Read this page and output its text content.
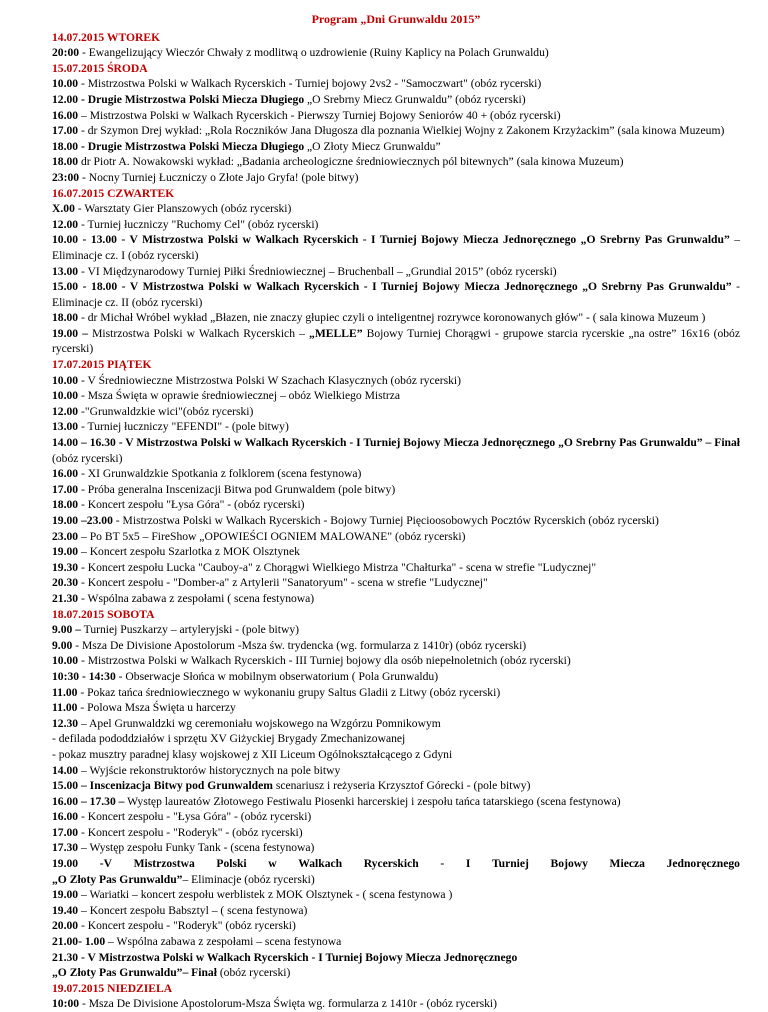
Program „Dni Grunwaldu 2015”
14.07.2015 WTOREK
20:00 - Ewangelizujący Wieczór Chwały z modlitwą o uzdrowienie (Ruiny Kaplicy na Polach Grunwaldu)
15.07.2015 ŚRODA
10.00 - Mistrzostwa Polski w Walkach Rycerskich - Turniej bojowy 2vs2 - "Samoczwart" (obóz rycerski)
12.00 - Drugie Mistrzostwa Polski Miecza Długiego „O Srebrny Miecz Grunwaldu” (obóz rycerski)
16.00 – Mistrzostwa Polski w Walkach Rycerskich - Pierwszy Turniej Bojowy Seniorów 40 + (obóz rycerski)
17.00 - dr Szymon Drej wykład: „Rola Roczników Jana Długosza dla poznania Wielkiej Wojny z Zakonem Krzyżackim” (sala kinowa Muzeum)
18.00 - Drugie Mistrzostwa Polski Miecza Długiego „O Złoty Miecz Grunwaldu”
18.00 dr Piotr A. Nowakowski wykład: „Badania archeologiczne średniowiecznych pól bitewnych” (sala kinowa Muzeum)
23:00 - Nocny Turniej Łuczniczy o Złote Jajo Gryfa! (pole bitwy)
16.07.2015 CZWARTEK
X.00 - Warsztaty Gier Planszowych (obóz rycerski)
12.00 - Turniej łuczniczy "Ruchomy Cel" (obóz rycerski)
10.00 - 13.00 - V Mistrzostwa Polski w Walkach Rycerskich - I Turniej Bojowy Miecza Jednoręcznego „O Srebrny Pas Grunwaldu” – Eliminacje cz. I (obóz rycerski)
13.00 - VI Międzynarodowy Turniej Piłki Średniowiecznej – Bruchenball – „Grundial 2015” (obóz rycerski)
15.00 - 18.00 - V Mistrzostwa Polski w Walkach Rycerskich - I Turniej Bojowy Miecza Jednoręcznego „O Srebrny Pas Grunwaldu” - Eliminacje cz. II (obóz rycerski)
18.00 - dr Michał Wróbel wykład „Błazen, nie znaczy głupiec czyli o inteligentnej rozrywce koronowanych głów" - ( sala kinowa Muzeum )
19.00 – Mistrzostwa Polski w Walkach Rycerskich – „MELLE” Bojowy Turniej Chorągwi - grupowe starcia rycerskie „na ostre” 16x16 (obóz rycerski)
17.07.2015 PIĄTEK
10.00 - V Średniowieczne Mistrzostwa Polski W Szachach Klasycznych (obóz rycerski)
10.00 - Msza Święta w oprawie średniowiecznej – obóz Wielkiego Mistrza
12.00 -"Grunwaldzkie wici"(obóz rycerski)
13.00 - Turniej łuczniczy "EFENDI" - (pole bitwy)
14.00 – 16.30 - V Mistrzostwa Polski w Walkach Rycerskich - I Turniej Bojowy Miecza Jednoręcznego „O Srebrny Pas Grunwaldu” – Finał (obóz rycerski)
16.00 - XI Grunwaldzkie Spotkania z folklorem (scena festynowa)
17.00 - Próba generalna Inscenizacji Bitwa pod Grunwaldem (pole bitwy)
18.00 - Koncert zespołu "Łysa Góra" - (obóz rycerski)
19.00 –23.00 - Mistrzostwa Polski w Walkach Rycerskich - Bojowy Turniej Pięcioosobowych Pocztów Rycerskich (obóz rycerski)
23.00 – Po BT 5x5 – FireShow „OPOWIEŚCI OGNIEM MALOWANE" (obóz rycerski)
19.00 – Koncert zespołu Szarlotka z MOK Olsztynek
19.30 - Koncert zespołu Lucka "Cauboy-a" z Chorągwi Wielkiego Mistrza "Chałturka" - scena w strefie "Ludycznej"
20.30 - Koncert zespołu - "Domber-a" z Artylerii "Sanatoryum" - scena w strefie "Ludycznej"
21.30 - Wspólna zabawa z zespołami ( scena festynowa)
18.07.2015 SOBOTA
9.00 – Turniej Puszkarzy – artyleryjski - (pole bitwy)
9.00 - Msza De Divisione Apostolorum -Msza św. trydencka (wg. formularza z 1410r) (obóz rycerski)
10.00 - Mistrzostwa Polski w Walkach Rycerskich - III Turniej bojowy dla osób niepełnoletnich (obóz rycerski)
10:30 - 14:30 - Obserwacje Słońca w mobilnym obserwatorium ( Pola Grunwaldu)
11.00 - Pokaz tańca średniowiecznego w wykonaniu grupy Saltus Gladii z Litwy (obóz rycerski)
11.00 - Polowa Msza Święta u harcerzy
12.30 – Apel Grunwaldzki wg ceremoniału wojskowego na Wzgórzu Pomnikowym
- defilada pododdziałów i sprzętu XV Giżyckiej Brygady Zmechanizowanej
- pokaz musztry paradnej klasy wojskowej z XII Liceum Ogólnokształcącego z Gdyni
14.00 – Wyjście rekonstruktorów historycznych na pole bitwy
15.00 – Inscenizacja Bitwy pod Grunwaldem scenariusz i reżyseria Krzysztof Górecki - (pole bitwy)
16.00 – 17.30 – Występ laureatów Złotowego Festiwalu Piosenki harcerskiej i zespołu tańca tatarskiego (scena festynowa)
16.00 - Koncert zespołu - "Łysa Góra" - (obóz rycerski)
17.00 - Koncert zespołu - "Roderyk" - (obóz rycerski)
17.30 – Występ zespołu Funky Tank - (scena festynowa)
19.00 -V Mistrzostwa Polski w Walkach Rycerskich - I Turniej Bojowy Miecza Jednoręcznego
„O Złoty Pas Grunwaldu”– Eliminacje (obóz rycerski)
19.00 – Wariatki – koncert zespołu werblistek z MOK Olsztynek - ( scena festynowa )
19.40 – Koncert zespołu Babsztyl – ( scena festynowa)
20.00 - Koncert zespołu - "Roderyk" (obóz rycerski)
21.00- 1.00 – Wspólna zabawa z zespołami – scena festynowa
21.30 - V Mistrzostwa Polski w Walkach Rycerskich - I Turniej Bojowy Miecza Jednoręcznego
„O Złoty Pas Grunwaldu”– Finał (obóz rycerski)
19.07.2015 NIEDZIELA
10:00 - Msza De Divisione Apostolorum-Msza Święta wg. formularza z 1410r - (obóz rycerski)
